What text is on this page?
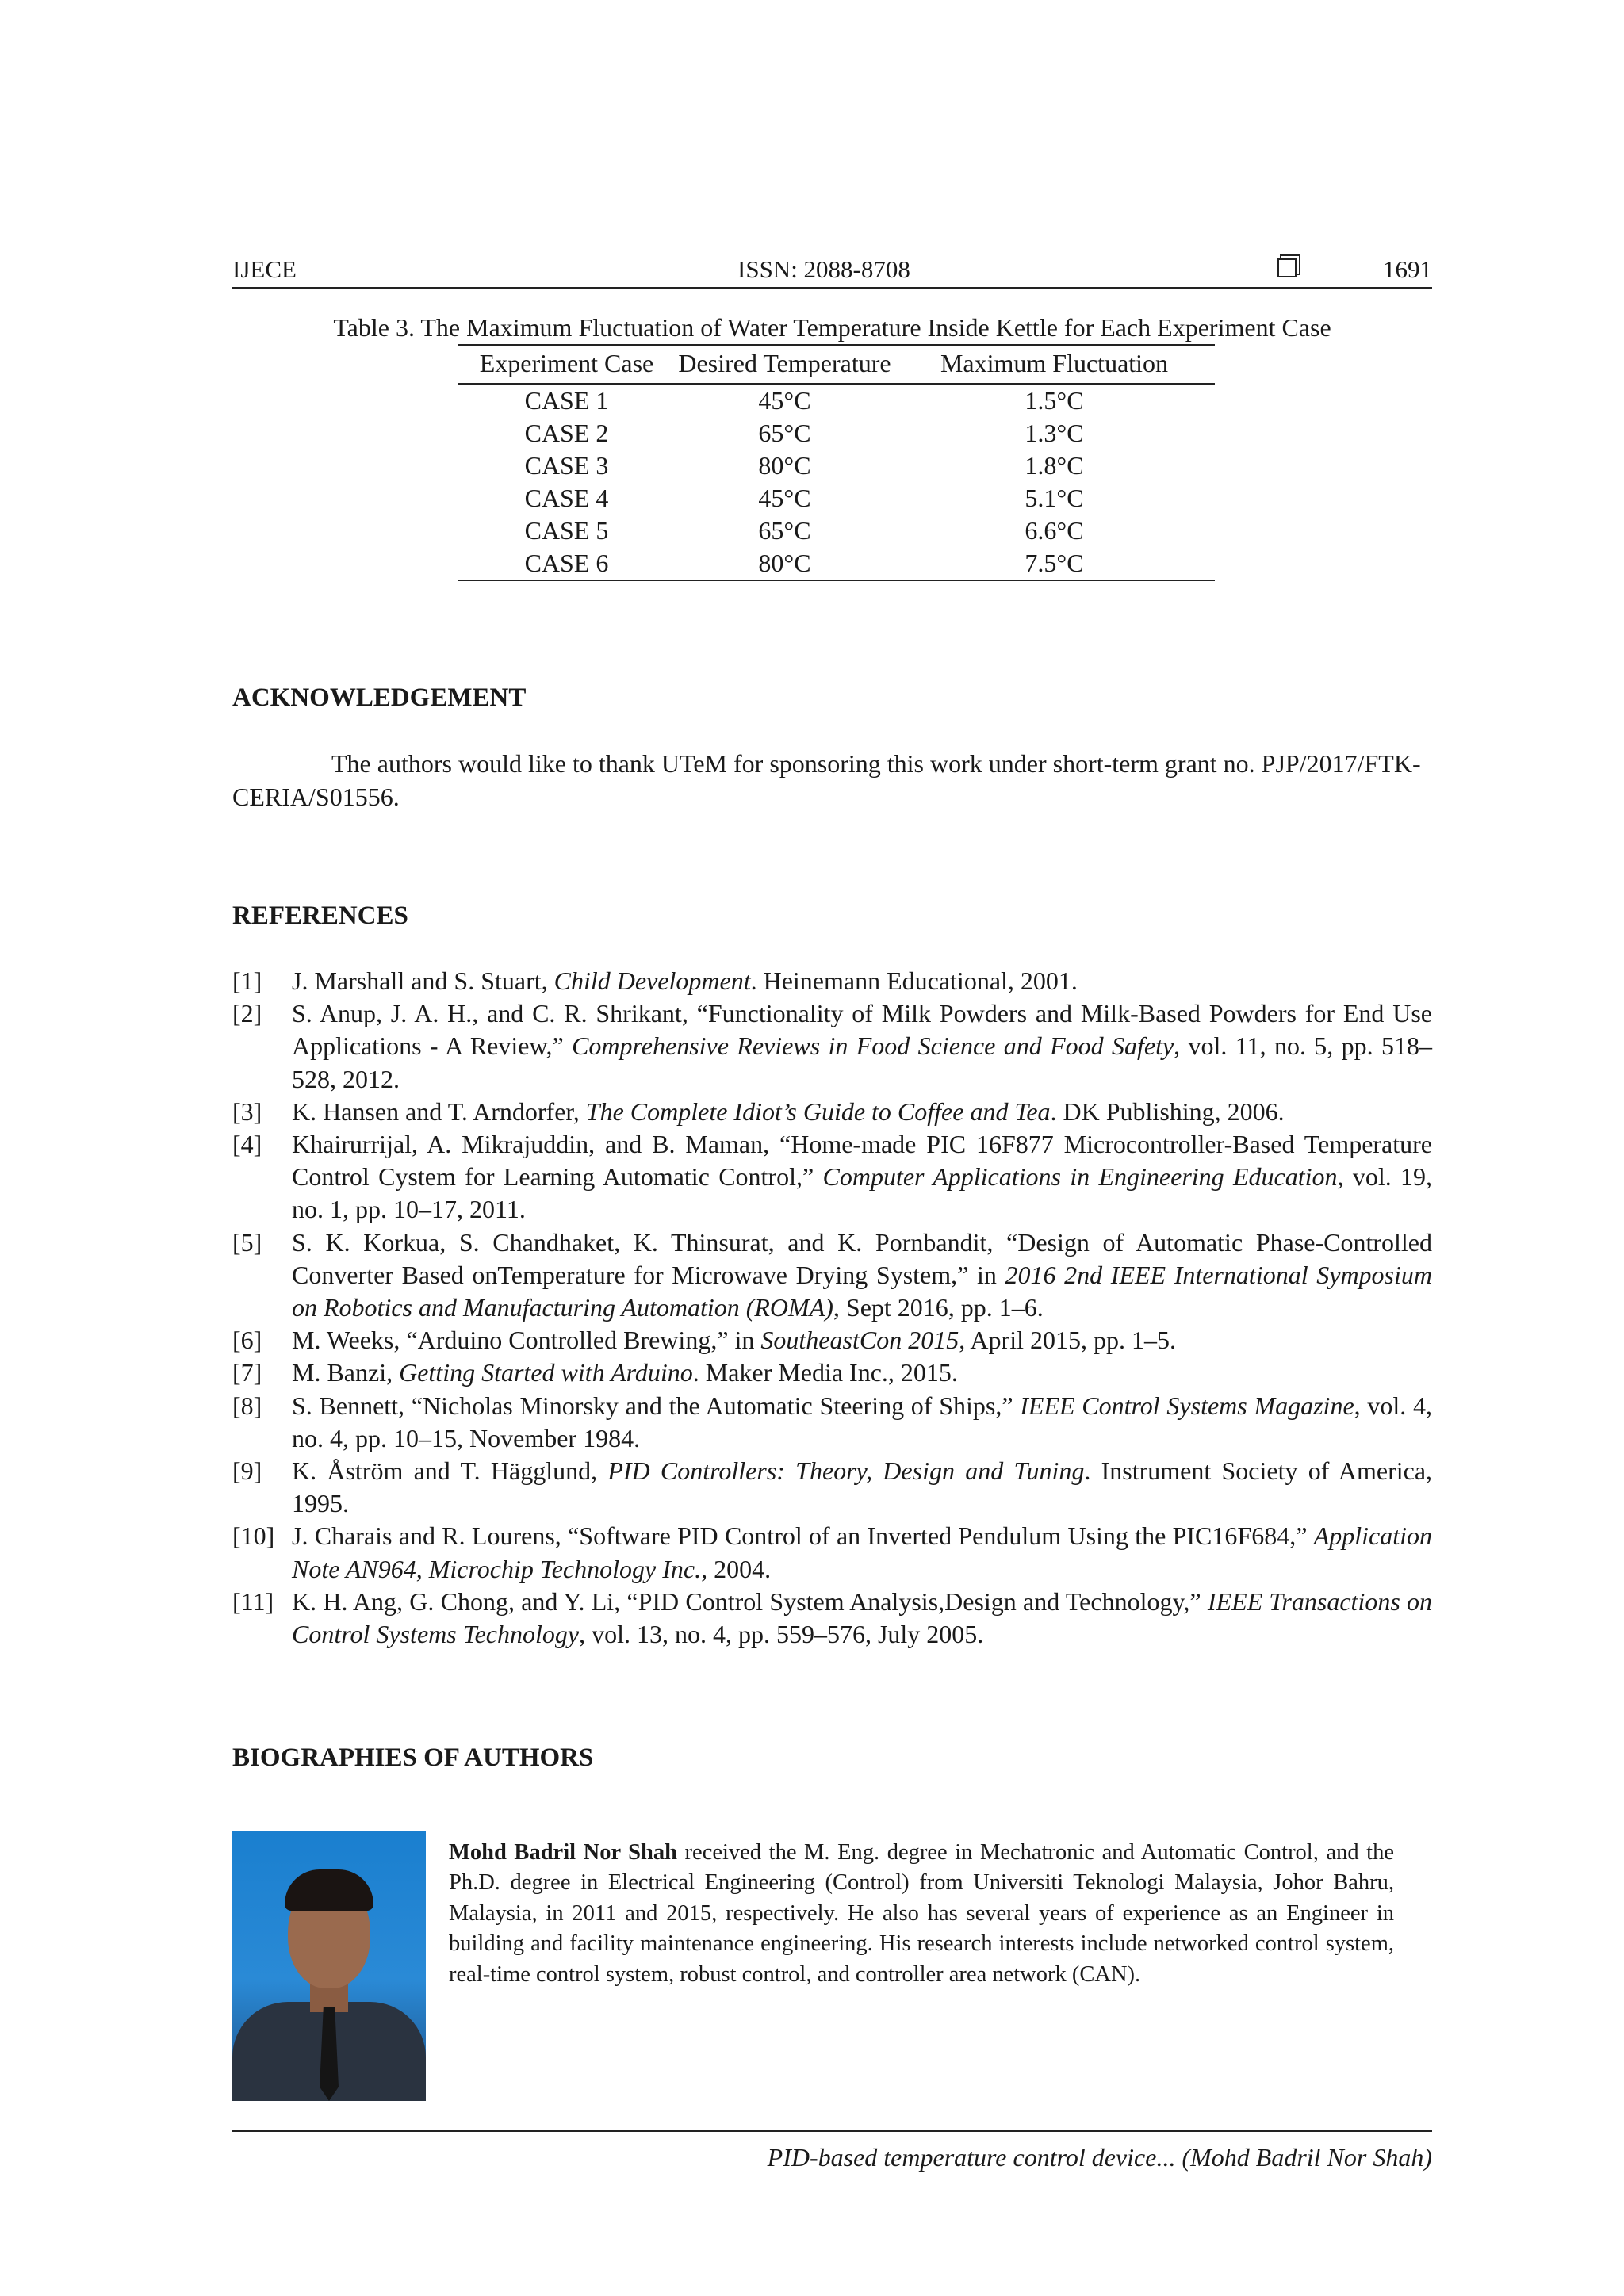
IJECE	ISSN: 2088-8708	1691
Table 3. The Maximum Fluctuation of Water Temperature Inside Kettle for Each Experiment Case
Experiment Case	Desired Temperature	Maximum Fluctuation
CASE 1	45°C	1.5°C
CASE 2	65°C	1.3°C
CASE 3	80°C	1.8°C
CASE 4	45°C	5.1°C
CASE 5	65°C	6.6°C
CASE 6	80°C	7.5°C
ACKNOWLEDGEMENT
The authors would like to thank UTeM for sponsoring this work under short-term grant no. PJP/2017/FTK-CERIA/S01556.
REFERENCES
[1] J. Marshall and S. Stuart, Child Development. Heinemann Educational, 2001.
[2] S. Anup, J. A. H., and C. R. Shrikant, “Functionality of Milk Powders and Milk-Based Powders for End Use Applications - A Review,” Comprehensive Reviews in Food Science and Food Safety, vol. 11, no. 5, pp. 518–528, 2012.
[3] K. Hansen and T. Arndorfer, The Complete Idiot’s Guide to Coffee and Tea. DK Publishing, 2006.
[4] Khairurrijal, A. Mikrajuddin, and B. Maman, “Home-made PIC 16F877 Microcontroller-Based Temperature Control Cystem for Learning Automatic Control,” Computer Applications in Engineering Education, vol. 19, no. 1, pp. 10–17, 2011.
[5] S. K. Korkua, S. Chandhaket, K. Thinsurat, and K. Pornbandit, “Design of Automatic Phase-Controlled Converter Based onTemperature for Microwave Drying System,” in 2016 2nd IEEE International Symposium on Robotics and Manufacturing Automation (ROMA), Sept 2016, pp. 1–6.
[6] M. Weeks, “Arduino Controlled Brewing,” in SoutheastCon 2015, April 2015, pp. 1–5.
[7] M. Banzi, Getting Started with Arduino. Maker Media Inc., 2015.
[8] S. Bennett, “Nicholas Minorsky and the Automatic Steering of Ships,” IEEE Control Systems Magazine, vol. 4, no. 4, pp. 10–15, November 1984.
[9] K. Åström and T. Hägglund, PID Controllers: Theory, Design and Tuning. Instrument Society of America, 1995.
[10] J. Charais and R. Lourens, “Software PID Control of an Inverted Pendulum Using the PIC16F684,” Application Note AN964, Microchip Technology Inc., 2004.
[11] K. H. Ang, G. Chong, and Y. Li, “PID Control System Analysis,Design and Technology,” IEEE Transactions on Control Systems Technology, vol. 13, no. 4, pp. 559–576, July 2005.
BIOGRAPHIES OF AUTHORS
Mohd Badril Nor Shah received the M. Eng. degree in Mechatronic and Automatic Control, and the Ph.D. degree in Electrical Engineering (Control) from Universiti Teknologi Malaysia, Johor Bahru, Malaysia, in 2011 and 2015, respectively. He also has several years of experience as an Engineer in building and facility maintenance engineering. His research interests include networked control system, real-time control system, robust control, and controller area network (CAN).
PID-based temperature control device... (Mohd Badril Nor Shah)
